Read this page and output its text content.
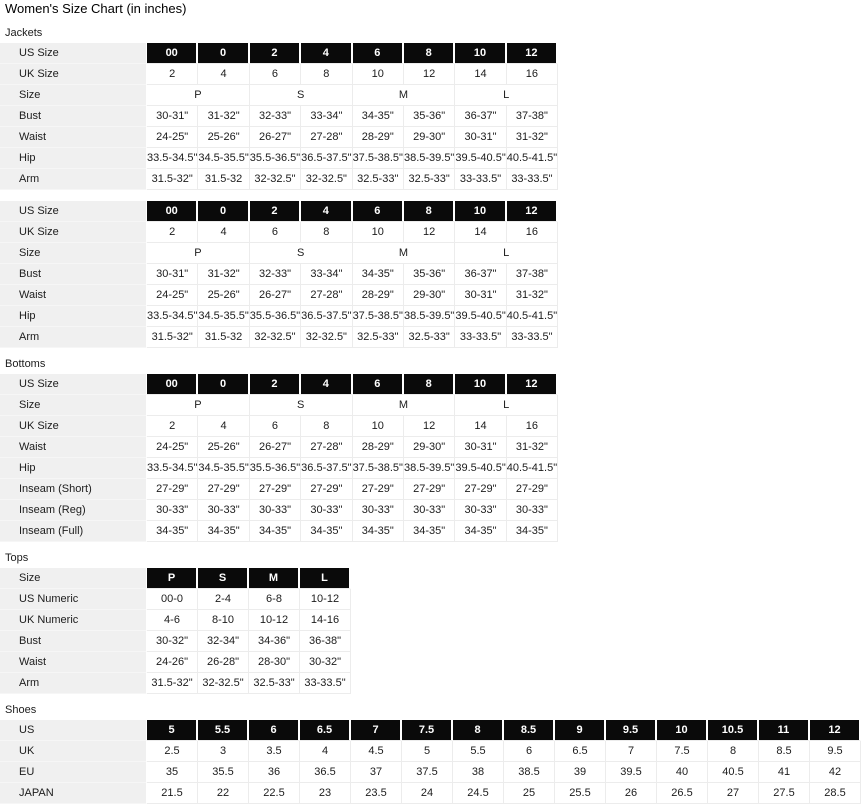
Women's Size Chart (in inches)
Jackets
US Size	00	0	2	4	6	8	10	12
UK Size	2	4	6	8	10	12	14	16
Size	P		S		M		L	
Bust	30-31"	31-32"	32-33"	33-34"	34-35"	35-36"	36-37"	37-38"
Waist	24-25"	25-26"	26-27"	27-28"	28-29"	29-30"	30-31"	31-32"
Hip	33.5-34.5"	34.5-35.5"	35.5-36.5"	36.5-37.5"	37.5-38.5"	38.5-39.5"	39.5-40.5"	40.5-41.5"
Arm	31.5-32"	31.5-32	32-32.5"	32-32.5"	32.5-33"	32.5-33"	33-33.5"	33-33.5"
US Size	00	0	2	4	6	8	10	12
UK Size	2	4	6	8	10	12	14	16
Size	P		S		M		L	
Bust	30-31"	31-32"	32-33"	33-34"	34-35"	35-36"	36-37"	37-38"
Waist	24-25"	25-26"	26-27"	27-28"	28-29"	29-30"	30-31"	31-32"
Hip	33.5-34.5"	34.5-35.5"	35.5-36.5"	36.5-37.5"	37.5-38.5"	38.5-39.5"	39.5-40.5"	40.5-41.5"
Arm	31.5-32"	31.5-32	32-32.5"	32-32.5"	32.5-33"	32.5-33"	33-33.5"	33-33.5"
Bottoms
US Size	00	0	2	4	6	8	10	12
Size	P		S		M		L	
UK Size	2	4	6	8	10	12	14	16
Waist	24-25"	25-26"	26-27"	27-28"	28-29"	29-30"	30-31"	31-32"
Hip	33.5-34.5"	34.5-35.5"	35.5-36.5"	36.5-37.5"	37.5-38.5"	38.5-39.5"	39.5-40.5"	40.5-41.5"
Inseam (Short)	27-29"	27-29"	27-29"	27-29"	27-29"	27-29"	27-29"	27-29"
Inseam (Reg)	30-33"	30-33"	30-33"	30-33"	30-33"	30-33"	30-33"	30-33"
Inseam (Full)	34-35"	34-35"	34-35"	34-35"	34-35"	34-35"	34-35"	34-35"
Tops
Size	P	S	M	L
US Numeric	00-0	2-4	6-8	10-12
UK Numeric	4-6	8-10	10-12	14-16
Bust	30-32"	32-34"	34-36"	36-38"
Waist	24-26"	26-28"	28-30"	30-32"
Arm	31.5-32"	32-32.5"	32.5-33"	33-33.5"
Shoes
US	5	5.5	6	6.5	7	7.5	8	8.5	9	9.5	10	10.5	11	12
UK	2.5	3	3.5	4	4.5	5	5.5	6	6.5	7	7.5	8	8.5	9.5
EU	35	35.5	36	36.5	37	37.5	38	38.5	39	39.5	40	40.5	41	42
JAPAN	21.5	22	22.5	23	23.5	24	24.5	25	25.5	26	26.5	27	27.5	28.5
